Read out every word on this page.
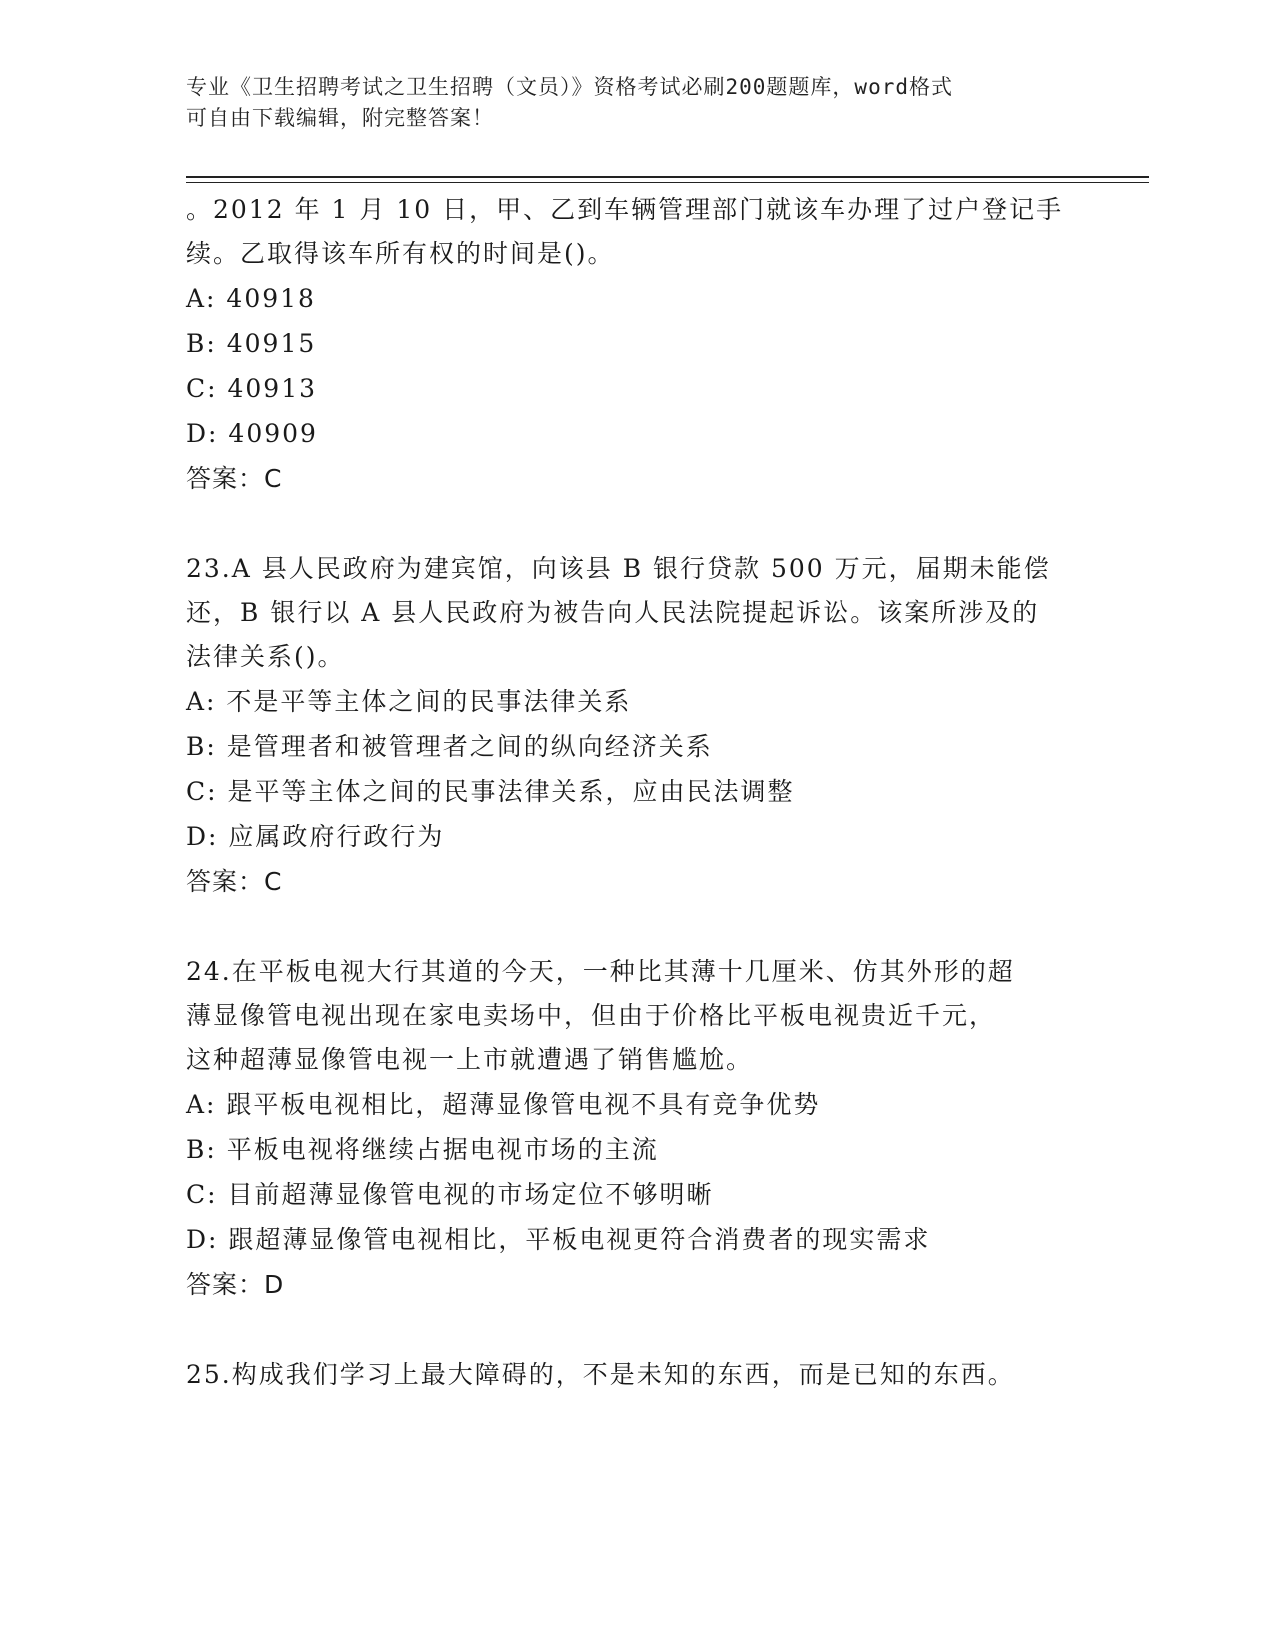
专业《卫生招聘考试之卫生招聘（文员）》资格考试必刷200题题库，word格式
可自由下载编辑，附完整答案！

。2012 年 1 月 10 日，甲、乙到车辆管理部门就该车办理了过户登记手

续。乙取得该车所有权的时间是()。

A: 40918

B: 40915

C: 40913

D: 40909

答案：C

23.A 县人民政府为建宾馆，向该县 B 银行贷款 500 万元，届期未能偿

还，B 银行以 A 县人民政府为被告向人民法院提起诉讼。该案所涉及的

法律关系()。

A: 不是平等主体之间的民事法律关系

B: 是管理者和被管理者之间的纵向经济关系

C: 是平等主体之间的民事法律关系，应由民法调整

D: 应属政府行政行为

答案：C

24.在平板电视大行其道的今天，一种比其薄十几厘米、仿其外形的超

薄显像管电视出现在家电卖场中，但由于价格比平板电视贵近千元，

这种超薄显像管电视一上市就遭遇了销售尴尬。

A: 跟平板电视相比，超薄显像管电视不具有竞争优势

B: 平板电视将继续占据电视市场的主流

C: 目前超薄显像管电视的市场定位不够明晰

D: 跟超薄显像管电视相比，平板电视更符合消费者的现实需求

答案：D

25.构成我们学习上最大障碍的，不是未知的东西，而是已知的东西。
